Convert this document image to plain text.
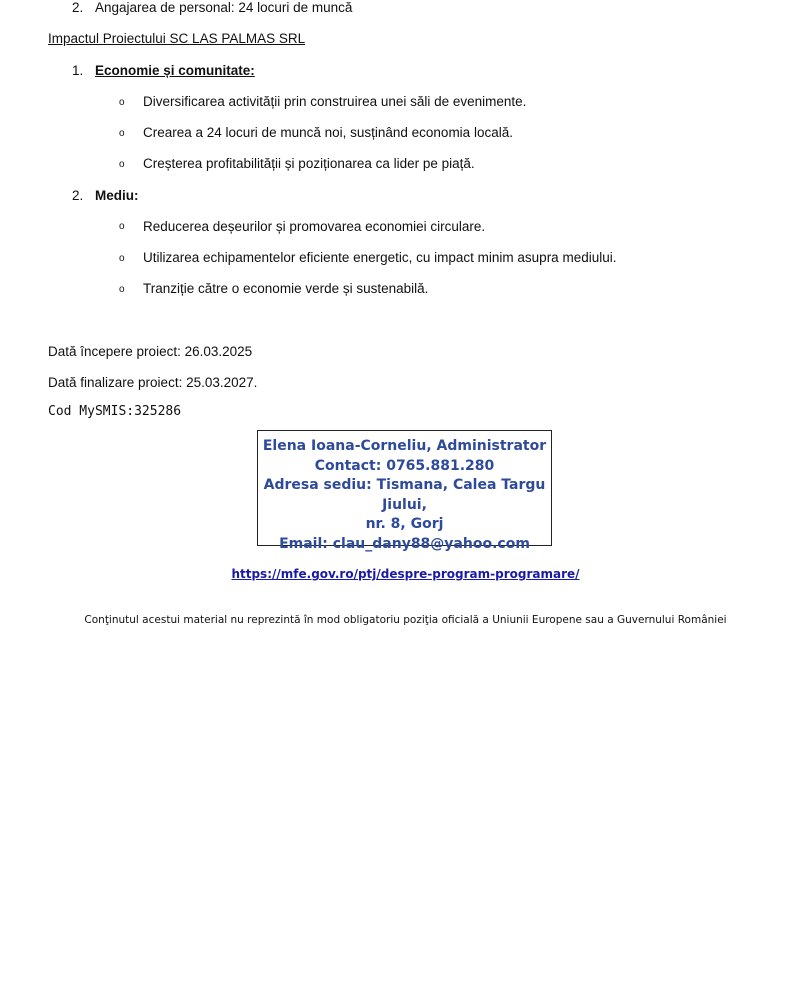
2. Angajarea de personal: 24 locuri de muncă
Impactul Proiectului SC LAS PALMAS SRL
1. Economie și comunitate:
o Diversificarea activității prin construirea unei săli de evenimente.
o Crearea a 24 locuri de muncă noi, susținând economia locală.
o Creșterea profitabilității și poziționarea ca lider pe piață.
2. Mediu:
o Reducerea deșeurilor și promovarea economiei circulare.
o Utilizarea echipamentelor eficiente energetic, cu impact minim asupra mediului.
o Tranziție către o economie verde și sustenabilă.
Dată începere proiect: 26.03.2025
Dată finalizare proiect: 25.03.2027.
Cod MySMIS:325286
Elena Ioana-Corneliu, Administrator
Contact: 0765.881.280
Adresa sediu: Tismana, Calea Targu Jiului,
nr. 8, Gorj
Email: clau_dany88@yahoo.com
https://mfe.gov.ro/ptj/despre-program-programare/
Conţinutul acestui material nu reprezintă în mod obligatoriu poziţia oficială a Uniunii Europene sau a Guvernului României
